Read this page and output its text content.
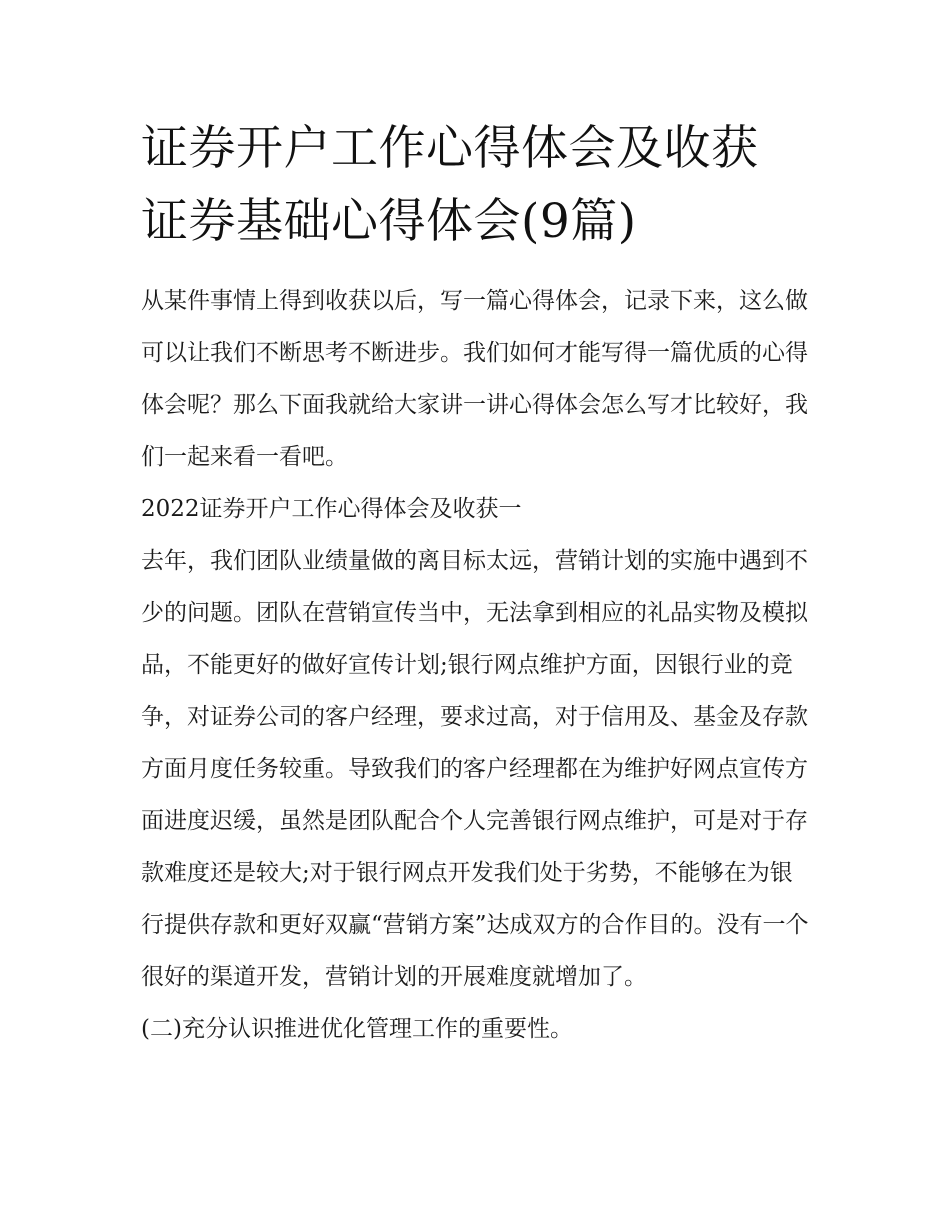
证券开户工作心得体会及收获
证券基础心得体会(9篇)

从某件事情上得到收获以后，写一篇心得体会，记录下来，这么做可以让我们不断思考不断进步。我们如何才能写得一篇优质的心得体会呢？那么下面我就给大家讲一讲心得体会怎么写才比较好，我们一起来看一看吧。

2022证券开户工作心得体会及收获一

去年，我们团队业绩量做的离目标太远，营销计划的实施中遇到不少的问题。团队在营销宣传当中，无法拿到相应的礼品实物及模拟品，不能更好的做好宣传计划;银行网点维护方面，因银行业的竞争，对证券公司的客户经理，要求过高，对于信用及、基金及存款方面月度任务较重。导致我们的客户经理都在为维护好网点宣传方面进度迟缓，虽然是团队配合个人完善银行网点维护，可是对于存款难度还是较大;对于银行网点开发我们处于劣势，不能够在为银行提供存款和更好双赢“营销方案”达成双方的合作目的。没有一个很好的渠道开发，营销计划的开展难度就增加了。

(二)充分认识推进优化管理工作的重要性。
